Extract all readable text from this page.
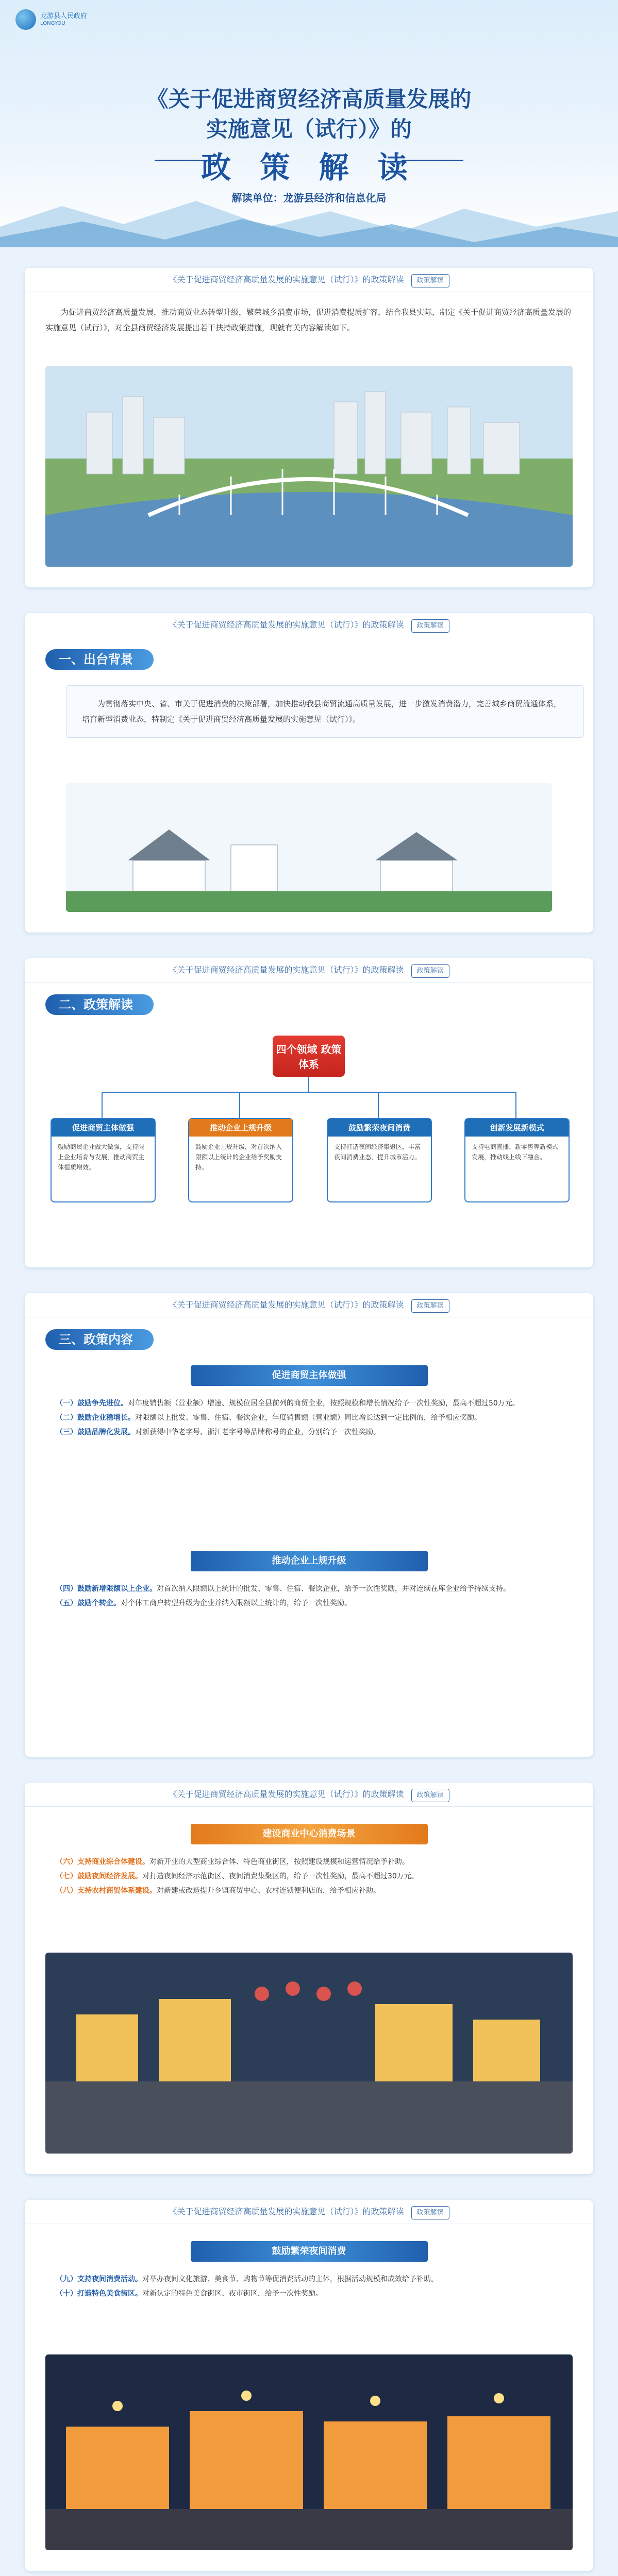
龙游县人民政府
LONGYOU
《关于促进商贸经济高质量发展的
实施意见（试行）》的
政 策 解 读
解读单位：龙游县经济和信息化局
《关于促进商贸经济高质量发展的实施意见（试行）》的政策解读 政策解读

为促进商贸经济高质量发展，推动商贸业态转型升级，繁荣城乡消费市场，促进消费提质扩容，结合我县实际，制定《关于促进商贸经济高质量发展的实施意见（试行）》，对全县商贸经济发展提出若干扶持政策措施，现就有关内容解读如下。

《关于促进商贸经济高质量发展的实施意见（试行）》的政策解读 政策解读
一、出台背景

为贯彻落实中央、省、市关于促进消费的决策部署，加快推动我县商贸流通高质量发展，进一步激发消费潜力，完善城乡商贸流通体系，培育新型消费业态，特制定《关于促进商贸经济高质量发展的实施意见（试行）》。

《关于促进商贸经济高质量发展的实施意见（试行）》的政策解读 政策解读
二、政策解读
四个领域 政策体系
促进商贸主体做强
鼓励商贸企业做大做强，支持限上企业培育与发展，推动商贸主体提质增效。
推动企业上规升级
鼓励企业上规升级，对首次纳入限额以上统计的企业给予奖励支持。
鼓励繁荣夜间消费
支持打造夜间经济集聚区，丰富夜间消费业态，提升城市活力。
创新发展新模式
支持电商直播、新零售等新模式发展，推动线上线下融合。
《关于促进商贸经济高质量发展的实施意见（试行）》的政策解读 政策解读
三、政策内容
促进商贸主体做强

（一）鼓励争先进位。对年度销售额（营业额）增速、规模位居全县前列的商贸企业，按照规模和增长情况给予一次性奖励，最高不超过50万元。

（二）鼓励企业稳增长。对限额以上批发、零售、住宿、餐饮企业，年度销售额（营业额）同比增长达到一定比例的，给予相应奖励。

（三）鼓励品牌化发展。对新获得中华老字号、浙江老字号等品牌称号的企业，分别给予一次性奖励。

推动企业上规升级

（四）鼓励新增限额以上企业。对首次纳入限额以上统计的批发、零售、住宿、餐饮企业，给予一次性奖励，并对连续在库企业给予持续支持。

（五）鼓励个转企。对个体工商户转型升级为企业并纳入限额以上统计的，给予一次性奖励。

《关于促进商贸经济高质量发展的实施意见（试行）》的政策解读 政策解读
建设商业中心消费场景

（六）支持商业综合体建设。对新开业的大型商业综合体、特色商业街区，按照建设规模和运营情况给予补助。

（七）鼓励夜间经济发展。对打造夜间经济示范街区、夜间消费集聚区的，给予一次性奖励，最高不超过30万元。

（八）支持农村商贸体系建设。对新建或改造提升乡镇商贸中心、农村连锁便利店的，给予相应补助。

《关于促进商贸经济高质量发展的实施意见（试行）》的政策解读 政策解读
鼓励繁荣夜间消费

（九）支持夜间消费活动。对举办夜间文化旅游、美食节、购物节等促消费活动的主体，根据活动规模和成效给予补助。

（十）打造特色美食街区。对新认定的特色美食街区、夜市街区，给予一次性奖励。
